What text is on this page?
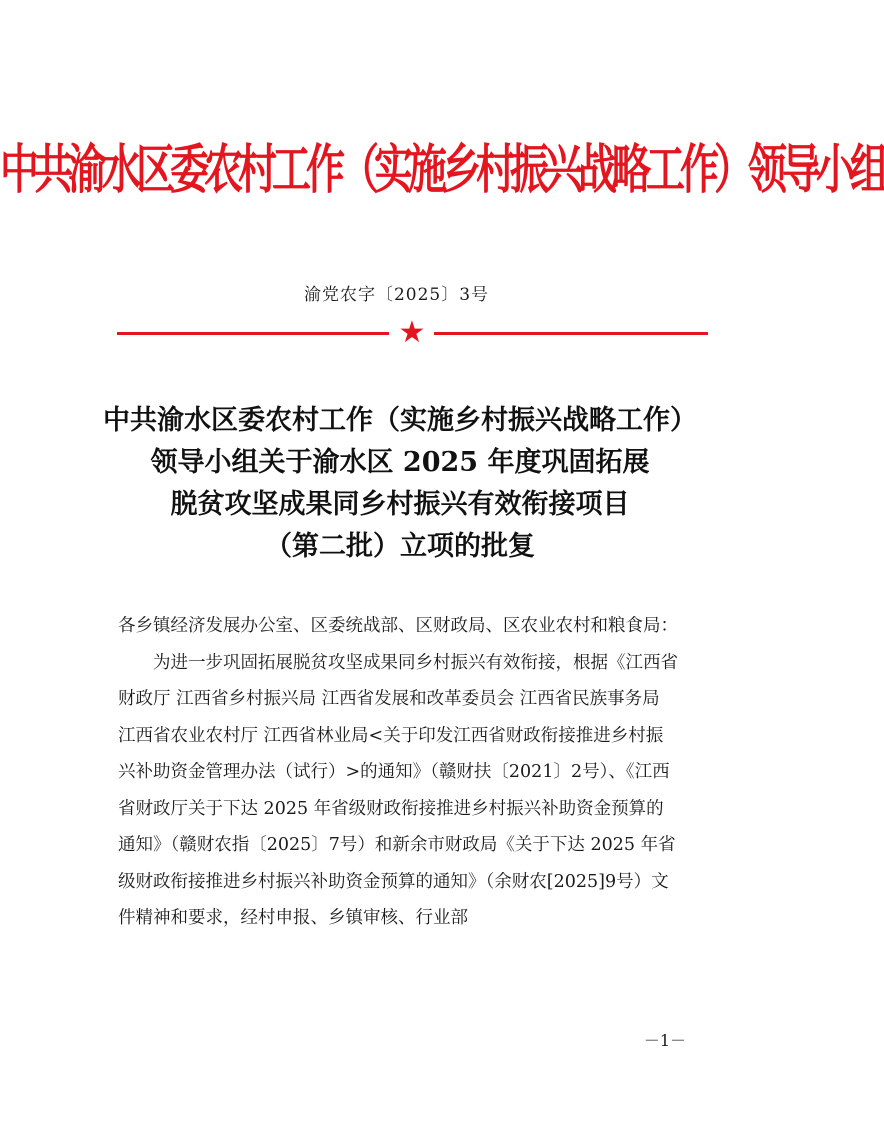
中共渝水区委农村工作（实施乡村振兴战略工作）领导小组
渝党农字〔2025〕3号
★
中共渝水区委农村工作（实施乡村振兴战略工作）
领导小组关于渝水区 2025 年度巩固拓展
脱贫攻坚成果同乡村振兴有效衔接项目
（第二批）立项的批复

各乡镇经济发展办公室、区委统战部、区财政局、区农业农村和粮食局：

为进一步巩固拓展脱贫攻坚成果同乡村振兴有效衔接，根据《江西省财政厅 江西省乡村振兴局 江西省发展和改革委员会 江西省民族事务局 江西省农业农村厅 江西省林业局<关于印发江西省财政衔接推进乡村振兴补助资金管理办法（试行）>的通知》（赣财扶〔2021〕2号）、《江西省财政厅关于下达 2025 年省级财政衔接推进乡村振兴补助资金预算的通知》（赣财农指〔2025〕7号）和新余市财政局《关于下达 2025 年省级财政衔接推进乡村振兴补助资金预算的通知》（余财农[2025]9号）文件精神和要求，经村申报、乡镇审核、行业部

－1－
